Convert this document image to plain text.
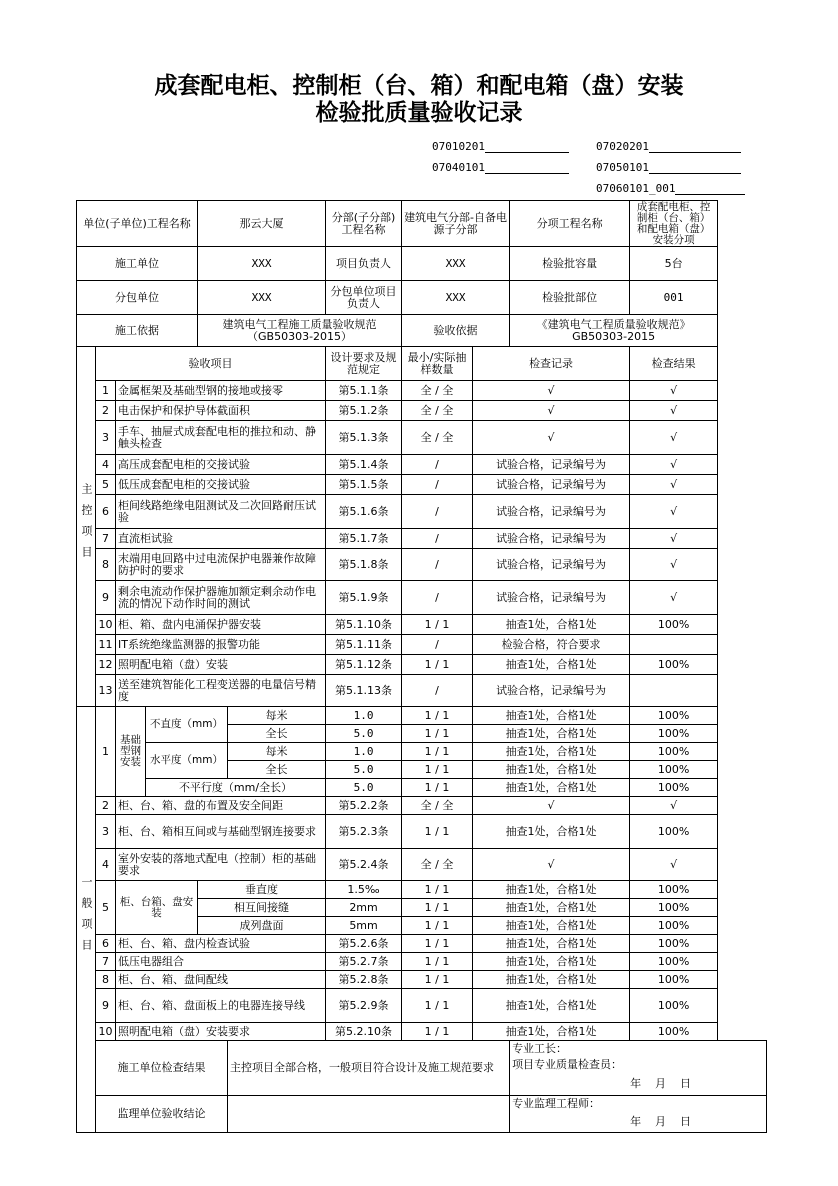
成套配电柜、控制柜（台、箱）和配电箱（盘）安装
检验批质量验收记录
07010201	07020201
07040101	07050101
07060101_001
单位(子单位)工程名称				那云大厦		分部(子分部)工程名称	建筑电气分部-自备电源子分部		分项工程名称	成套配电柜、控制柜（台、箱）和配电箱（盘）安装分项
施工单位				XXX		项目负责人	XXX		检验批容量	5台
分包单位				XXX		分包单位项目负责人	XXX		检验批部位	001
施工依据				建筑电气工程施工质量验收规范（GB50303-2015）			验收依据		《建筑电气工程质量验收规范》GB50303-2015	
主控项目	验收项目					设计要求及规范规定	最小/实际抽样数量	检查记录		检查结果
	1	金属框架及基础型钢的接地或接零				第5.1.1条	全 / 全	√		√
	2	电击保护和保护导体截面积				第5.1.2条	全 / 全	√		√
	3	手车、抽屉式成套配电柜的推拉和动、静触头检查				第5.1.3条	全 / 全	√		√
	4	高压成套配电柜的交接试验				第5.1.4条	/	试验合格，记录编号为		√
	5	低压成套配电柜的交接试验				第5.1.5条	/	试验合格，记录编号为		√
	6	柜间线路绝缘电阻测试及二次回路耐压试验				第5.1.6条	/	试验合格，记录编号为		√
	7	直流柜试验				第5.1.7条	/	试验合格，记录编号为		√
	8	末端用电回路中过电流保护电器兼作故障防护时的要求				第5.1.8条	/	试验合格，记录编号为		√
	9	剩余电流动作保护器施加额定剩余动作电流的情况下动作时间的测试				第5.1.9条	/	试验合格，记录编号为		√
	10	柜、箱、盘内电涌保护器安装				第5.1.10条	1 / 1	抽查1处，合格1处		100%
	11	IT系统绝缘监测器的报警功能				第5.1.11条	/	检验合格，符合要求		
	12	照明配电箱（盘）安装				第5.1.12条	1 / 1	抽查1处，合格1处		100%
	13	送至建筑智能化工程变送器的电量信号精度				第5.1.13条	/	试验合格，记录编号为		
一般项目	1	基础型钢安装	不直度（mm）		每米	1.0	1 / 1	抽查1处，合格1处		100%
					全长	5.0	1 / 1	抽查1处，合格1处		100%
			水平度（mm）		每米	1.0	1 / 1	抽查1处，合格1处		100%
					全长	5.0	1 / 1	抽查1处，合格1处		100%
			不平行度（mm/全长）			5.0	1 / 1	抽查1处，合格1处		100%
	2	柜、台、箱、盘的布置及安全间距				第5.2.2条	全 / 全	√		√
	3	柜、台、箱相互间或与基础型钢连接要求				第5.2.3条	1 / 1	抽查1处，合格1处		100%
	4	室外安装的落地式配电（控制）柜的基础要求				第5.2.4条	全 / 全	√		√
	5	柜、台箱、盘安装		垂直度		1.5‰	1 / 1	抽查1处，合格1处		100%
				相互间接缝		2mm	1 / 1	抽查1处，合格1处		100%
				成列盘面		5mm	1 / 1	抽查1处，合格1处		100%
	6	柜、台、箱、盘内检查试验				第5.2.6条	1 / 1	抽查1处，合格1处		100%
	7	低压电器组合				第5.2.7条	1 / 1	抽查1处，合格1处		100%
	8	柜、台、箱、盘间配线				第5.2.8条	1 / 1	抽查1处，合格1处		100%
	9	柜、台、箱、盘面板上的电器连接导线				第5.2.9条	1 / 1	抽查1处，合格1处		100%
	10	照明配电箱（盘）安装要求				第5.2.10条	1 / 1	抽查1处，合格1处		100%
	施工单位检查结果				主控项目全部合格，一般项目符合设计及施工规范要求				专业工长：
项目专业质量检查员：
年    月    日	

	监理单位验收结论								专业监理工程师：
年    月    日	
